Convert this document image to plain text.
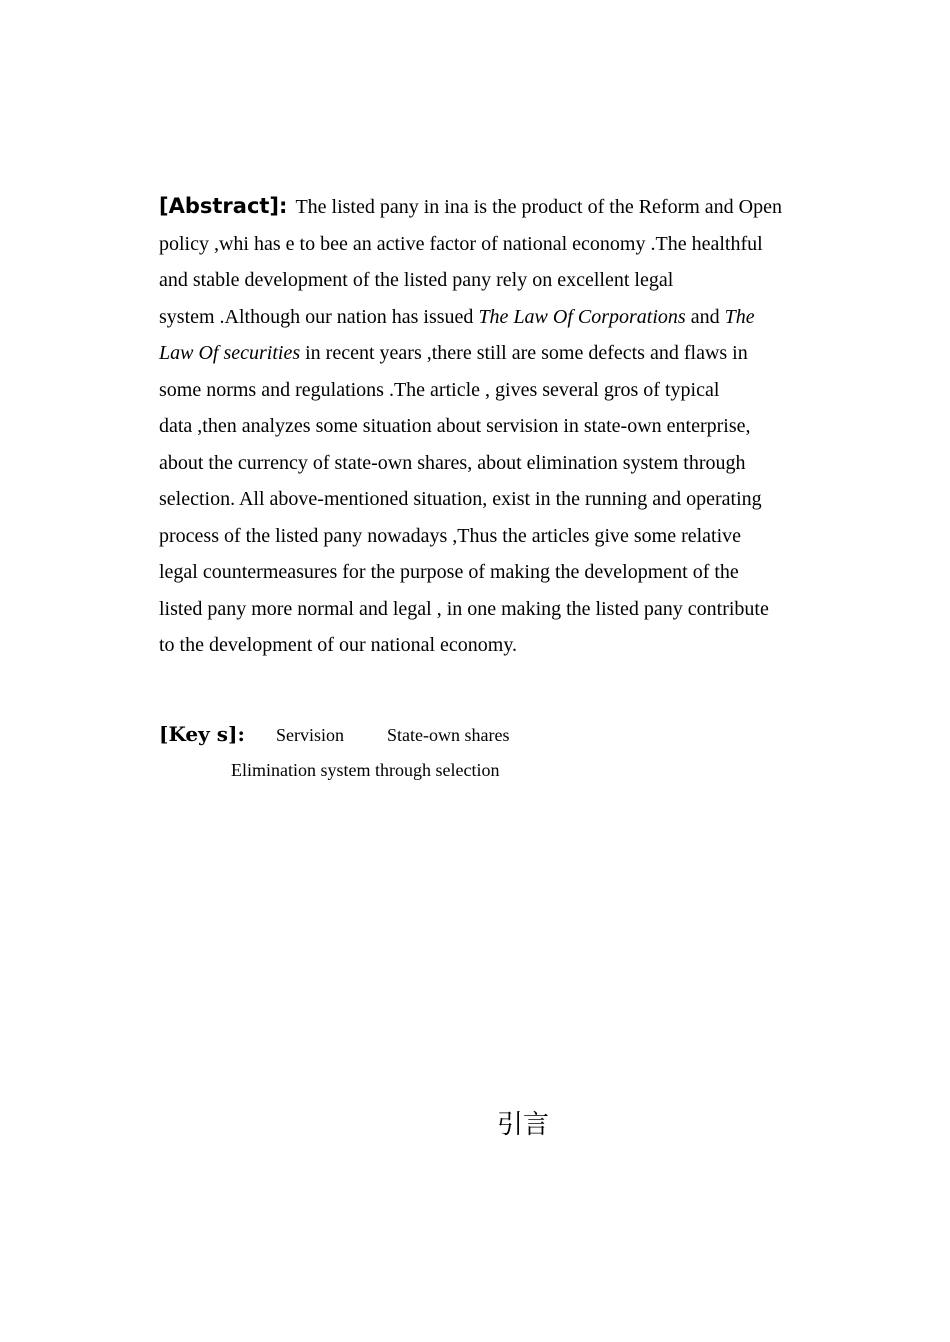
[Abstract]: The listed pany in ina is the product of the Reform and Open
policy ,whi has e to bee an active factor of national economy .The healthful
and stable development of the listed pany rely on excellent legal
system .Although our nation has issued The Law Of Corporations and The
Law Of securities in recent years ,there still are some defects and flaws in
some norms and regulations .The article , gives several gros of typical
data ,then analyzes some situation about servision in state-own enterprise,
about the currency of state-own shares, about elimination system through
selection. All above-mentioned situation, exist in the running and operating
process of the listed pany nowadays ,Thus the articles give some relative
legal countermeasures for the purpose of making the development of the
listed pany more normal and legal , in one making the listed pany contribute
to the development of our national economy.
[Key s]: Servision State-own shares
Elimination system through selection
引言
